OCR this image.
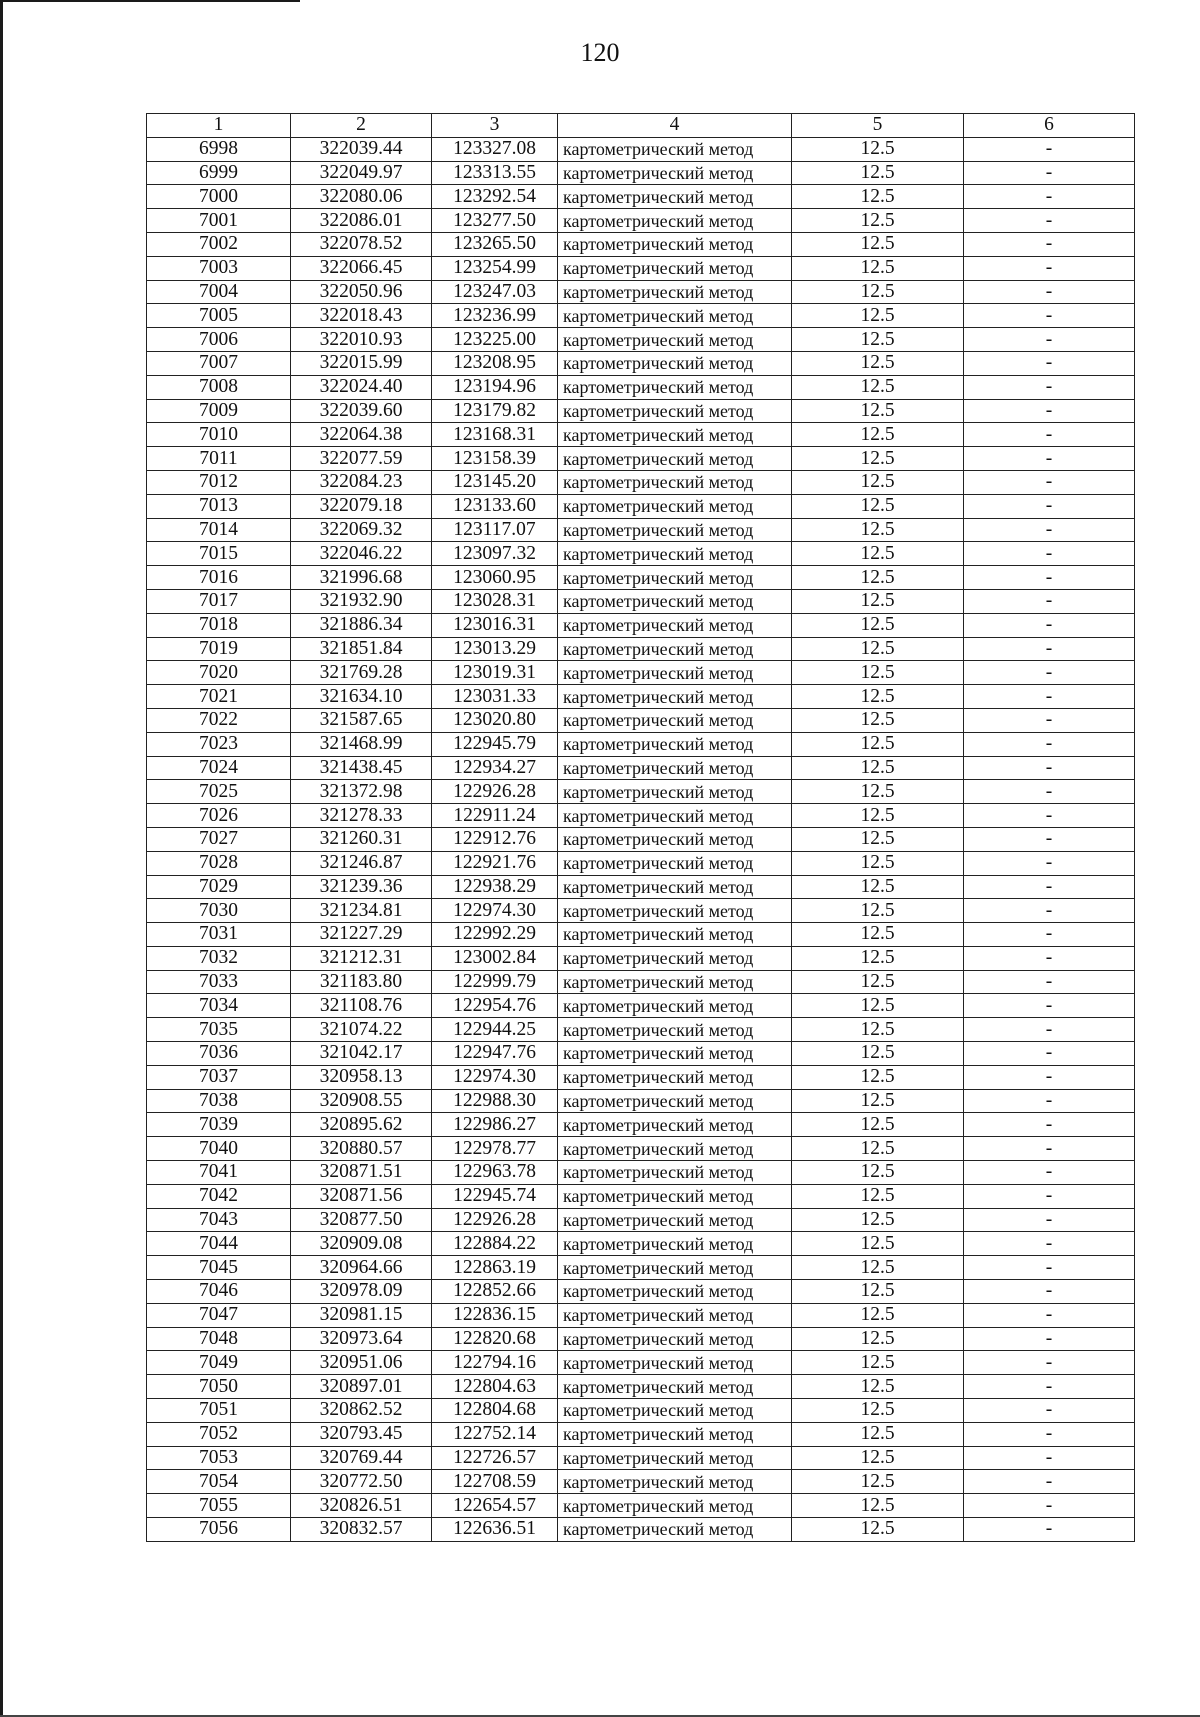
120
1	2	3	4	5	6
6998	322039.44	123327.08	картометрический метод	12.5	-
6999	322049.97	123313.55	картометрический метод	12.5	-
7000	322080.06	123292.54	картометрический метод	12.5	-
7001	322086.01	123277.50	картометрический метод	12.5	-
7002	322078.52	123265.50	картометрический метод	12.5	-
7003	322066.45	123254.99	картометрический метод	12.5	-
7004	322050.96	123247.03	картометрический метод	12.5	-
7005	322018.43	123236.99	картометрический метод	12.5	-
7006	322010.93	123225.00	картометрический метод	12.5	-
7007	322015.99	123208.95	картометрический метод	12.5	-
7008	322024.40	123194.96	картометрический метод	12.5	-
7009	322039.60	123179.82	картометрический метод	12.5	-
7010	322064.38	123168.31	картометрический метод	12.5	-
7011	322077.59	123158.39	картометрический метод	12.5	-
7012	322084.23	123145.20	картометрический метод	12.5	-
7013	322079.18	123133.60	картометрический метод	12.5	-
7014	322069.32	123117.07	картометрический метод	12.5	-
7015	322046.22	123097.32	картометрический метод	12.5	-
7016	321996.68	123060.95	картометрический метод	12.5	-
7017	321932.90	123028.31	картометрический метод	12.5	-
7018	321886.34	123016.31	картометрический метод	12.5	-
7019	321851.84	123013.29	картометрический метод	12.5	-
7020	321769.28	123019.31	картометрический метод	12.5	-
7021	321634.10	123031.33	картометрический метод	12.5	-
7022	321587.65	123020.80	картометрический метод	12.5	-
7023	321468.99	122945.79	картометрический метод	12.5	-
7024	321438.45	122934.27	картометрический метод	12.5	-
7025	321372.98	122926.28	картометрический метод	12.5	-
7026	321278.33	122911.24	картометрический метод	12.5	-
7027	321260.31	122912.76	картометрический метод	12.5	-
7028	321246.87	122921.76	картометрический метод	12.5	-
7029	321239.36	122938.29	картометрический метод	12.5	-
7030	321234.81	122974.30	картометрический метод	12.5	-
7031	321227.29	122992.29	картометрический метод	12.5	-
7032	321212.31	123002.84	картометрический метод	12.5	-
7033	321183.80	122999.79	картометрический метод	12.5	-
7034	321108.76	122954.76	картометрический метод	12.5	-
7035	321074.22	122944.25	картометрический метод	12.5	-
7036	321042.17	122947.76	картометрический метод	12.5	-
7037	320958.13	122974.30	картометрический метод	12.5	-
7038	320908.55	122988.30	картометрический метод	12.5	-
7039	320895.62	122986.27	картометрический метод	12.5	-
7040	320880.57	122978.77	картометрический метод	12.5	-
7041	320871.51	122963.78	картометрический метод	12.5	-
7042	320871.56	122945.74	картометрический метод	12.5	-
7043	320877.50	122926.28	картометрический метод	12.5	-
7044	320909.08	122884.22	картометрический метод	12.5	-
7045	320964.66	122863.19	картометрический метод	12.5	-
7046	320978.09	122852.66	картометрический метод	12.5	-
7047	320981.15	122836.15	картометрический метод	12.5	-
7048	320973.64	122820.68	картометрический метод	12.5	-
7049	320951.06	122794.16	картометрический метод	12.5	-
7050	320897.01	122804.63	картометрический метод	12.5	-
7051	320862.52	122804.68	картометрический метод	12.5	-
7052	320793.45	122752.14	картометрический метод	12.5	-
7053	320769.44	122726.57	картометрический метод	12.5	-
7054	320772.50	122708.59	картометрический метод	12.5	-
7055	320826.51	122654.57	картометрический метод	12.5	-
7056	320832.57	122636.51	картометрический метод	12.5	-
